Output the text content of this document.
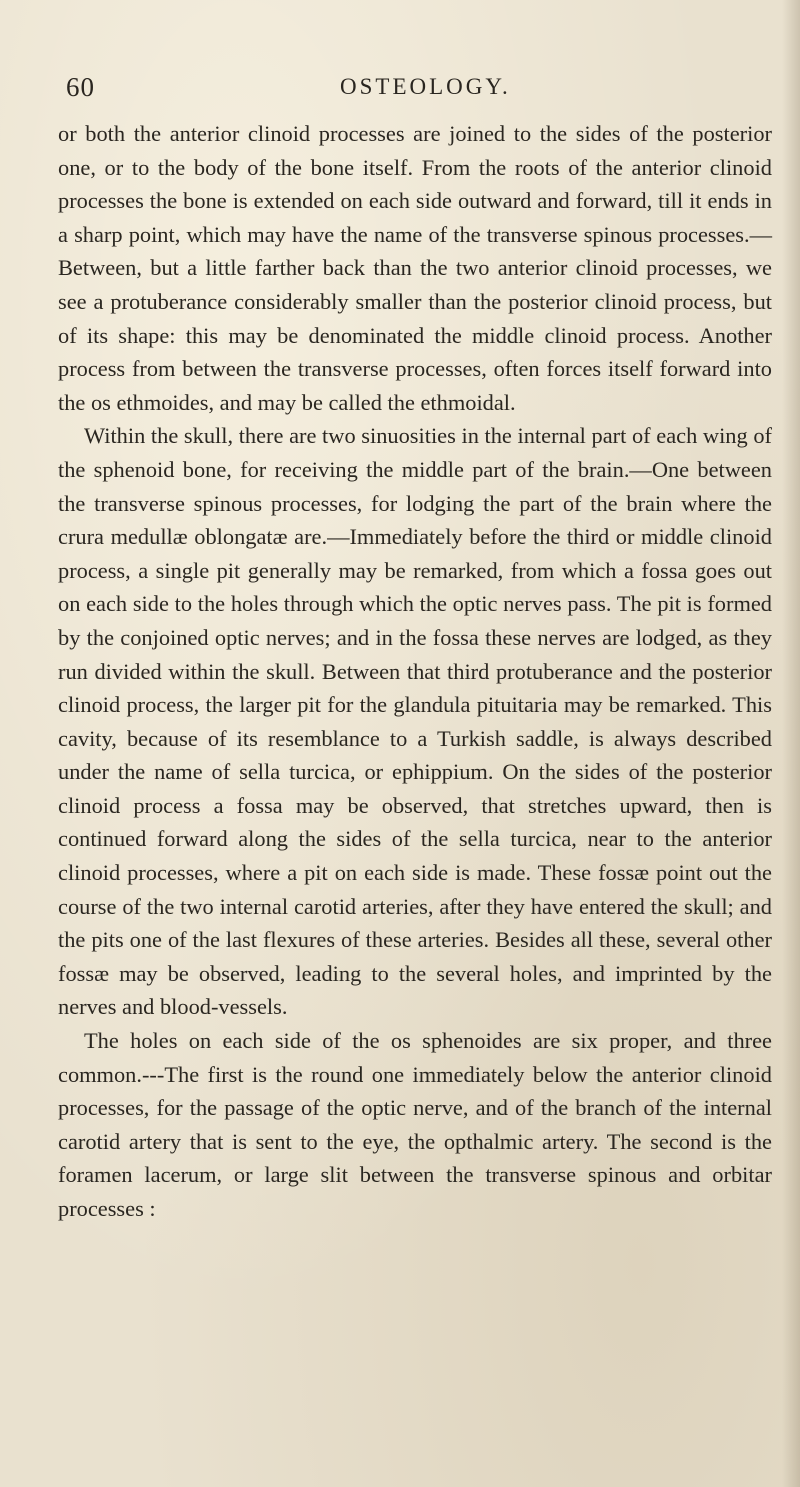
60	OSTEOLOGY.

or both the anterior clinoid processes are joined to the sides of the posterior one, or to the body of the bone itself. From the roots of the anterior clinoid processes the bone is extended on each side outward and forward, till it ends in a sharp point, which may have the name of the transverse spinous processes.—Between, but a little farther back than the two anterior clinoid processes, we see a protuberance considerably smaller than the posterior clinoid process, but of its shape: this may be denominated the middle clinoid process. Another process from between the transverse processes, often forces itself forward into the os ethmoides, and may be called the ethmoidal.

Within the skull, there are two sinuosities in the internal part of each wing of the sphenoid bone, for receiving the middle part of the brain.—One between the transverse spinous processes, for lodging the part of the brain where the crura medullæ oblongatæ are.—Immediately before the third or middle clinoid process, a single pit generally may be remarked, from which a fossa goes out on each side to the holes through which the optic nerves pass. The pit is formed by the conjoined optic nerves; and in the fossa these nerves are lodged, as they run divided within the skull. Between that third protuberance and the posterior clinoid process, the larger pit for the glandula pituitaria may be remarked. This cavity, because of its resemblance to a Turkish saddle, is always described under the name of sella turcica, or ephippium. On the sides of the posterior clinoid process a fossa may be observed, that stretches upward, then is continued forward along the sides of the sella turcica, near to the anterior clinoid processes, where a pit on each side is made. These fossæ point out the course of the two internal carotid arteries, after they have entered the skull; and the pits one of the last flexures of these arteries. Besides all these, several other fossæ may be observed, leading to the several holes, and imprinted by the nerves and blood-vessels.

The holes on each side of the os sphenoides are six proper, and three common.---The first is the round one immediately below the anterior clinoid processes, for the passage of the optic nerve, and of the branch of the internal carotid artery that is sent to the eye, the opthalmic artery. The second is the foramen lacerum, or large slit between the transverse spinous and orbitar processes :
